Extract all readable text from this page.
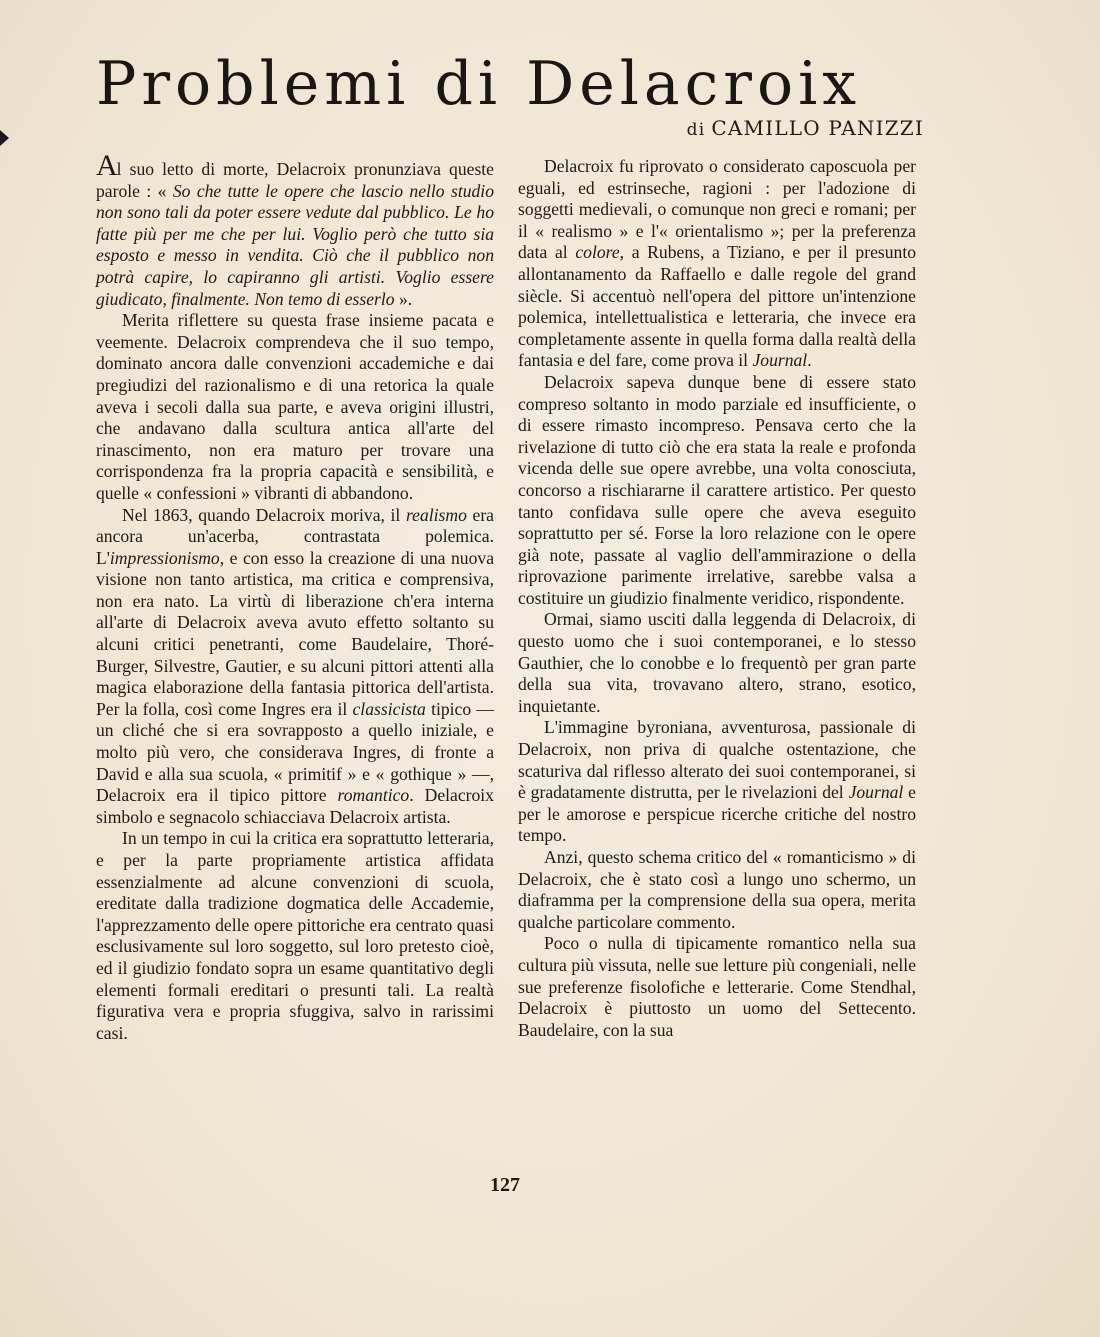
Problemi di Delacroix
di CAMILLO PANIZZI

Al suo letto di morte, Delacroix pronunziava queste parole : « So che tutte le opere che lascio nello studio non sono tali da poter essere vedute dal pubblico. Le ho fatte più per me che per lui. Voglio però che tutto sia esposto e messo in vendita. Ciò che il pubblico non potrà capire, lo capiranno gli artisti. Voglio essere giudicato, finalmente. Non temo di esserlo ».

Merita riflettere su questa frase insieme pacata e veemente. Delacroix comprendeva che il suo tempo, dominato ancora dalle convenzioni accademiche e dai pregiudizi del razionalismo e di una retorica la quale aveva i secoli dalla sua parte, e aveva origini illustri, che andavano dalla scultura antica all'arte del rinascimento, non era maturo per trovare una corrispondenza fra la propria capacità e sensibilità, e quelle « confessioni » vibranti di abbandono.

Nel 1863, quando Delacroix moriva, il realismo era ancora un'acerba, contrastata polemica. L'impressionismo, e con esso la creazione di una nuova visione non tanto artistica, ma critica e comprensiva, non era nato. La virtù di liberazione ch'era interna all'arte di Delacroix aveva avuto effetto soltanto su alcuni critici penetranti, come Baudelaire, Thoré-Burger, Silvestre, Gautier, e su alcuni pittori attenti alla magica elaborazione della fantasia pittorica dell'artista. Per la folla, così come Ingres era il classicista tipico — un cliché che si era sovrapposto a quello iniziale, e molto più vero, che considerava Ingres, di fronte a David e alla sua scuola, « primitif » e « gothique » —, Delacroix era il tipico pittore romantico. Delacroix simbolo e segnacolo schiacciava Delacroix artista.

In un tempo in cui la critica era soprattutto letteraria, e per la parte propriamente artistica affidata essenzialmente ad alcune convenzioni di scuola, ereditate dalla tradizione dogmatica delle Accademie, l'apprezzamento delle opere pittoriche era centrato quasi esclusivamente sul loro soggetto, sul loro pretesto cioè, ed il giudizio fondato sopra un esame quantitativo degli elementi formali ereditari o presunti tali. La realtà figurativa vera e propria sfuggiva, salvo in rarissimi casi.

Delacroix fu riprovato o considerato caposcuola per eguali, ed estrinseche, ragioni : per l'adozione di soggetti medievali, o comunque non greci e romani; per il « realismo » e l'« orientalismo »; per la preferenza data al colore, a Rubens, a Tiziano, e per il presunto allontanamento da Raffaello e dalle regole del grand siècle. Si accentuò nell'opera del pittore un'intenzione polemica, intellettualistica e letteraria, che invece era completamente assente in quella forma dalla realtà della fantasia e del fare, come prova il Journal.

Delacroix sapeva dunque bene di essere stato compreso soltanto in modo parziale ed insufficiente, o di essere rimasto incompreso. Pensava certo che la rivelazione di tutto ciò che era stata la reale e profonda vicenda delle sue opere avrebbe, una volta conosciuta, concorso a rischiararne il carattere artistico. Per questo tanto confidava sulle opere che aveva eseguito soprattutto per sé. Forse la loro relazione con le opere già note, passate al vaglio dell'ammirazione o della riprovazione parimente irrelative, sarebbe valsa a costituire un giudizio finalmente veridico, rispondente.

Ormai, siamo usciti dalla leggenda di Delacroix, di questo uomo che i suoi contemporanei, e lo stesso Gauthier, che lo conobbe e lo frequentò per gran parte della sua vita, trovavano altero, strano, esotico, inquietante.

L'immagine byroniana, avventurosa, passionale di Delacroix, non priva di qualche ostentazione, che scaturiva dal riflesso alterato dei suoi contemporanei, si è gradatamente distrutta, per le rivelazioni del Journal e per le amorose e perspicue ricerche critiche del nostro tempo.

Anzi, questo schema critico del « romanticismo » di Delacroix, che è stato così a lungo uno schermo, un diaframma per la comprensione della sua opera, merita qualche particolare commento.

Poco o nulla di tipicamente romantico nella sua cultura più vissuta, nelle sue letture più congeniali, nelle sue preferenze fisolofiche e letterarie. Come Stendhal, Delacroix è piuttosto un uomo del Settecento. Baudelaire, con la sua

127
